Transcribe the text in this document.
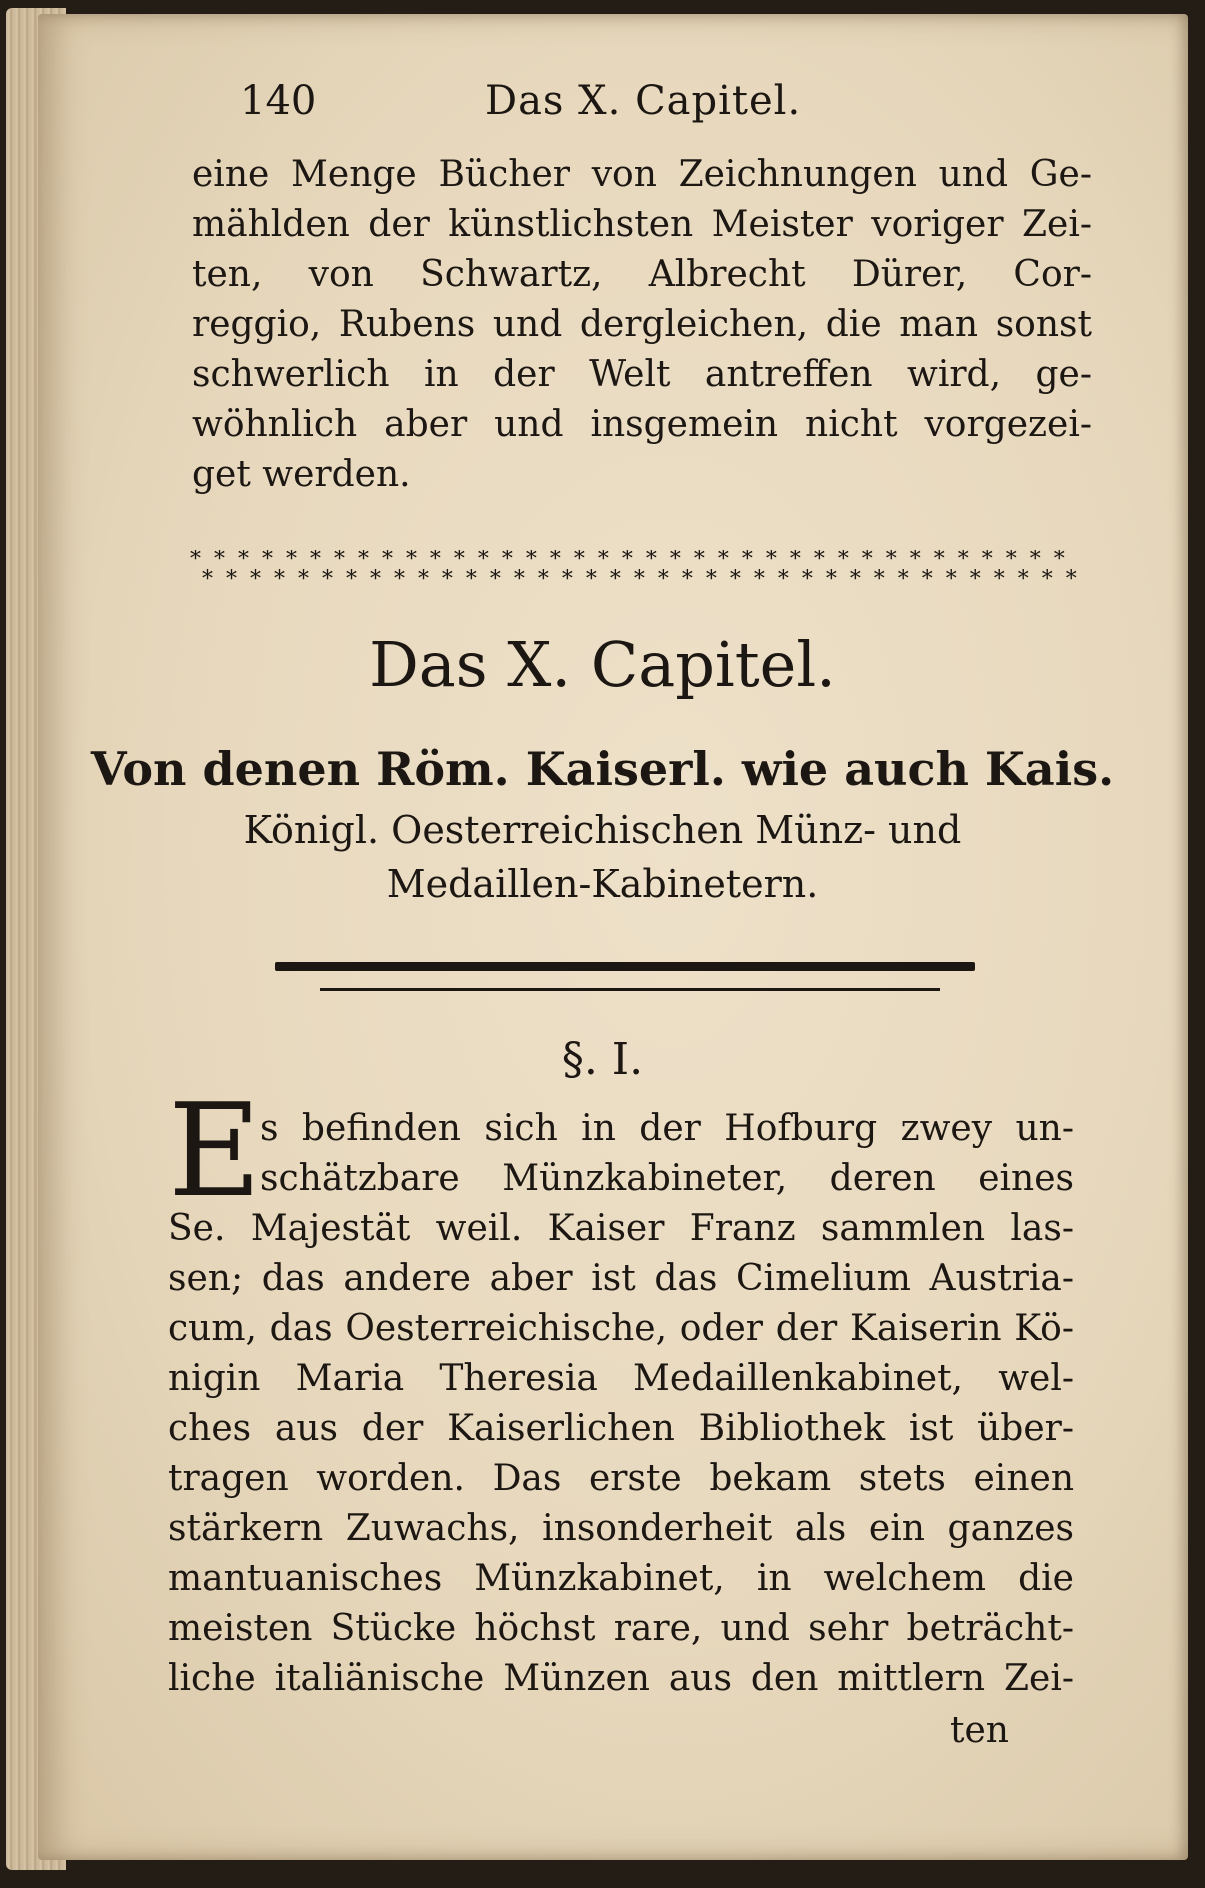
140	Das X. Capitel.
eine Menge Bücher von Zeichnungen und Ge-
mählden der künstlichsten Meister voriger Zei-
ten, von Schwartz, Albrecht Dürer, Cor-
reggio, Rubens und dergleichen, die man sonst
schwerlich in der Welt antreffen wird, ge-
wöhnlich aber und insgemein nicht vorgezei-
get werden.
* * * * * * * * * * * * * * * * * * * * * * * * * * * * * * * * * * * * *
* * * * * * * * * * * * * * * * * * * * * * * * * * * * * * * * * * * * *
Das X. Capitel.
Von denen Röm. Kaiserl. wie auch Kais.
Königl. Oesterreichischen Münz- und
Medaillen-Kabinetern.
§. I.
E
s befinden sich in der Hofburg zwey un-
schätzbare Münzkabineter, deren eines
Se. Majestät weil. Kaiser Franz sammlen las-
sen; das andere aber ist das Cimelium Austria-
cum, das Oesterreichische, oder der Kaiserin Kö-
nigin Maria Theresia Medaillenkabinet, wel-
ches aus der Kaiserlichen Bibliothek ist über-
tragen worden. Das erste bekam stets einen
stärkern Zuwachs, insonderheit als ein ganzes
mantuanisches Münzkabinet, in welchem die
meisten Stücke höchst rare, und sehr beträcht-
liche italiänische Münzen aus den mittlern Zei-
ten
